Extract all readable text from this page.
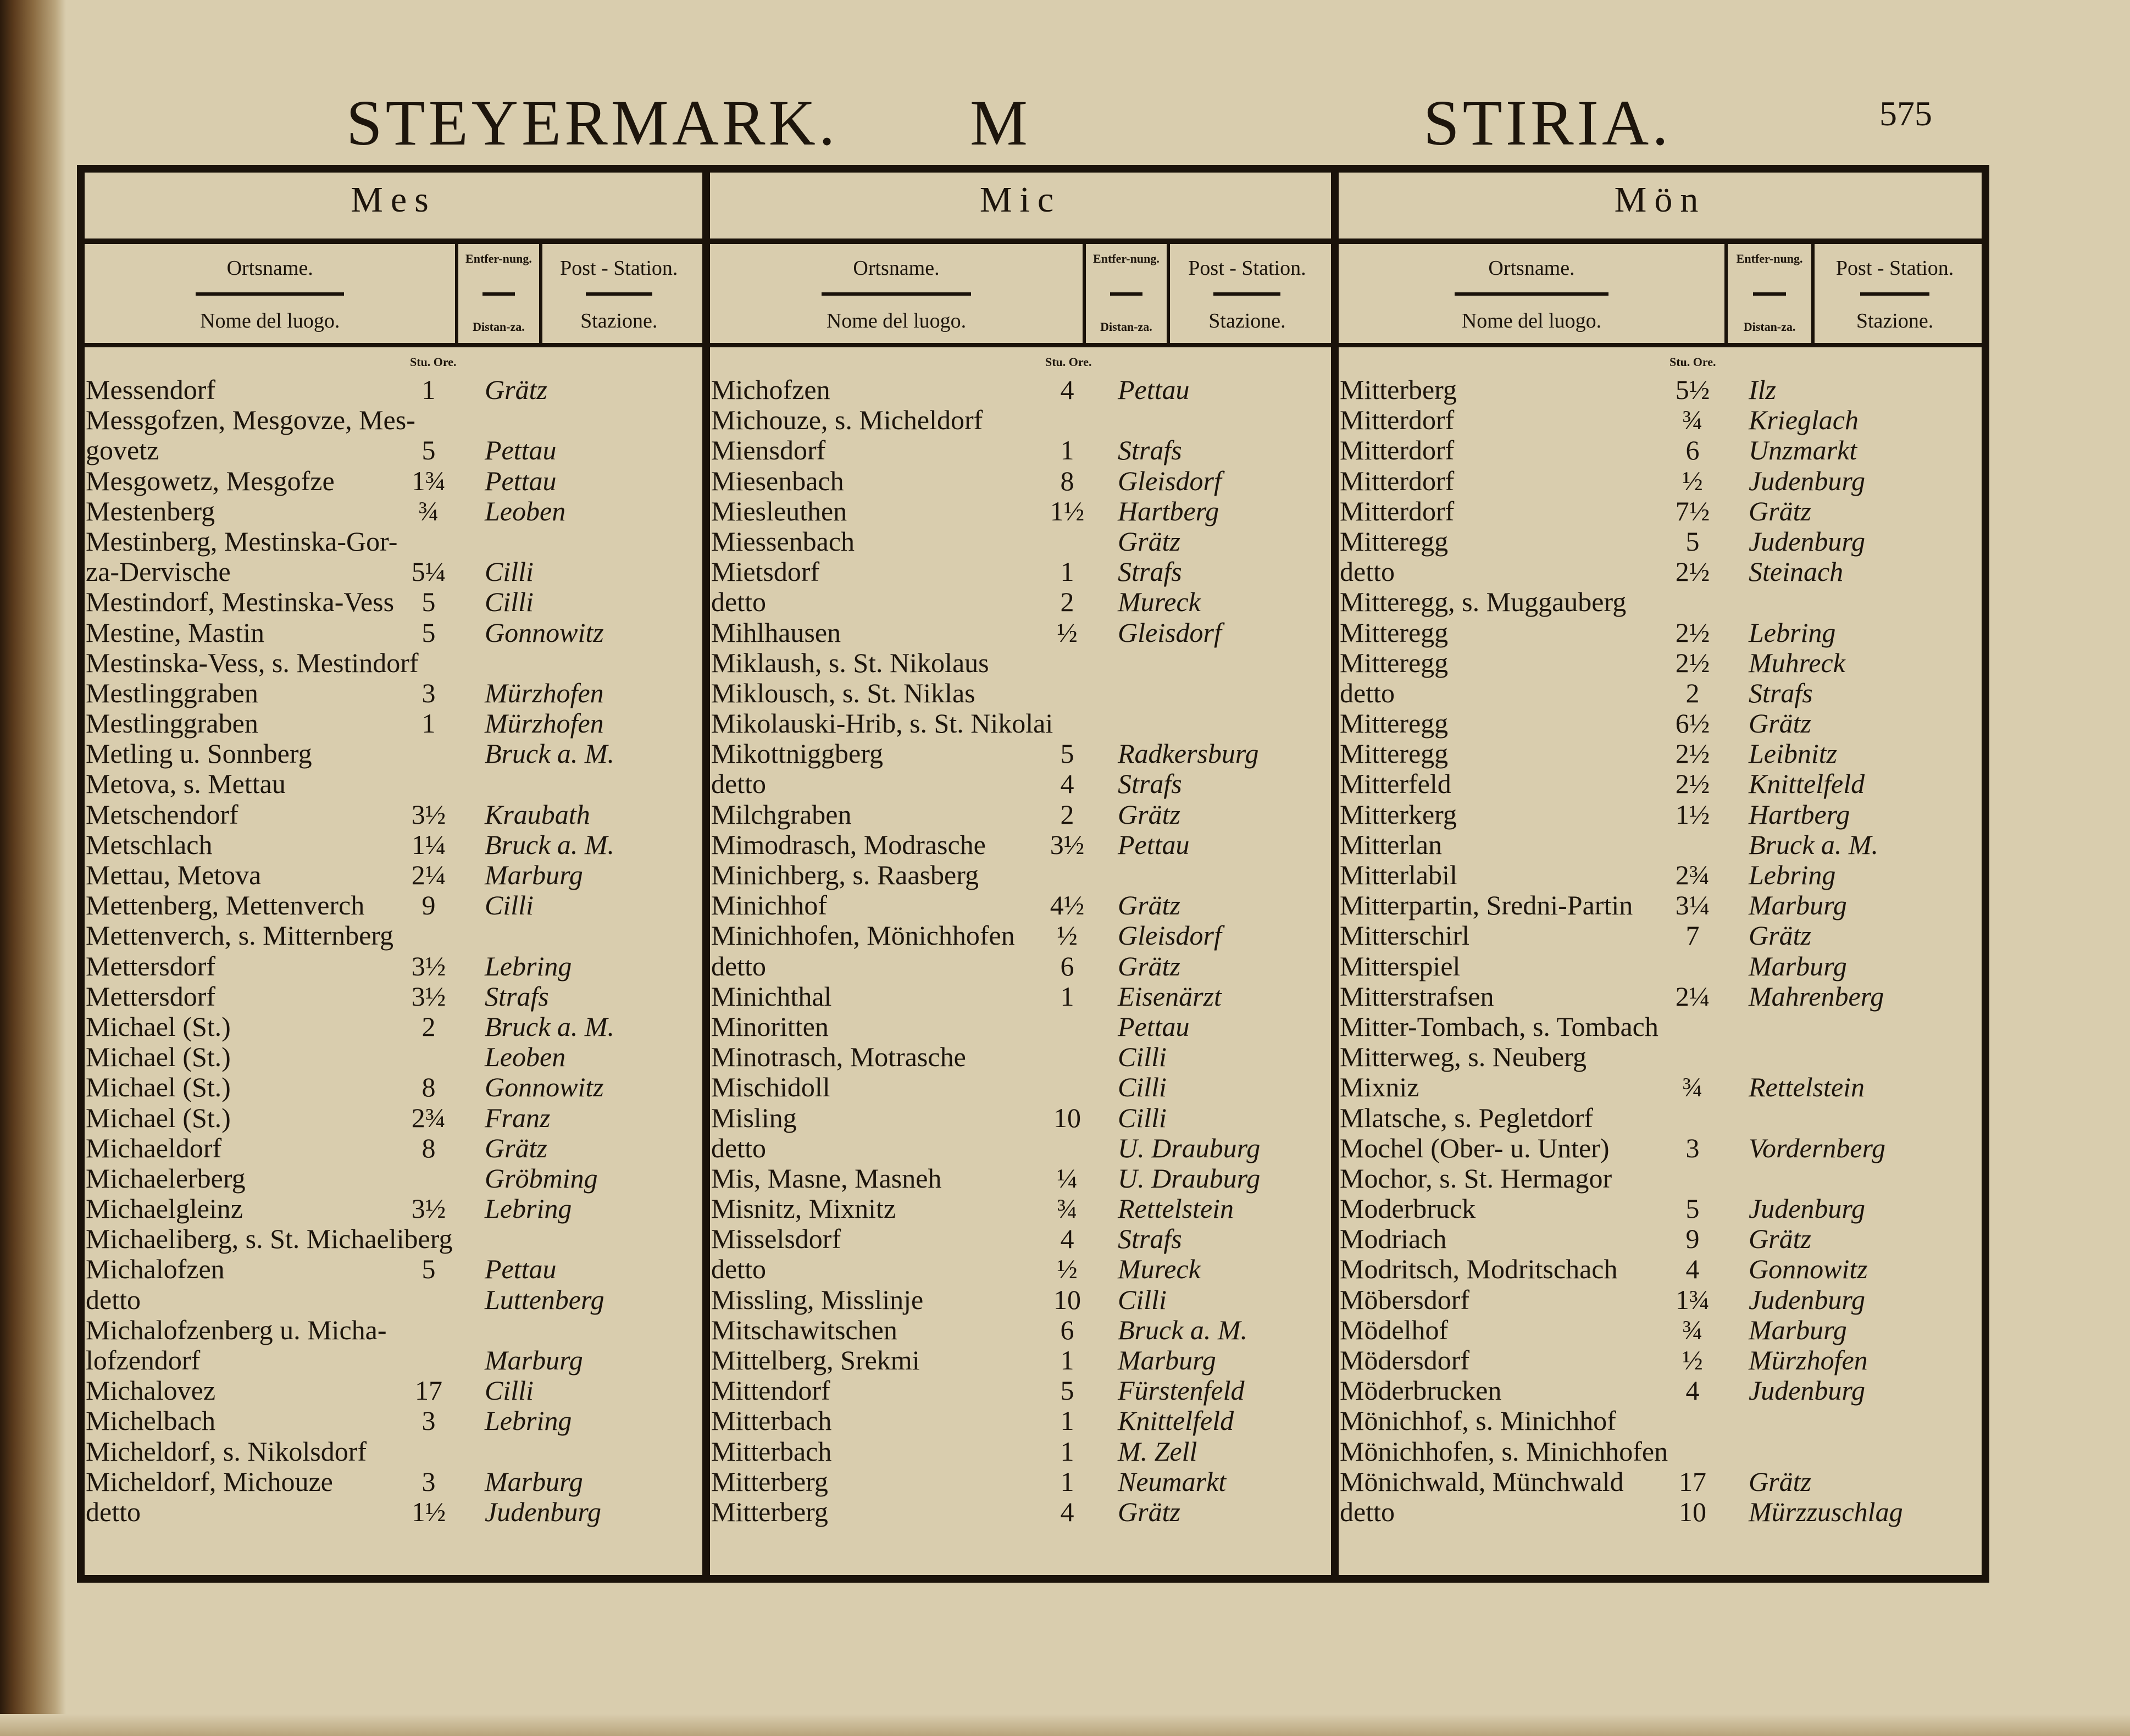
STEYERMARK. M	STIRIA.	575
Mes
Ortsname.
Nome del luogo.
Entfer-nung.
Distan-za.
Post - Station.
Stazione.
Stu. Ore.
Messendorf	1	Grätz
Messgofzen, Mesgovze, Mes-
govetz	5	Pettau
Mesgowetz, Mesgofze	1¾	Pettau
Mestenberg	¾	Leoben
Mestinberg, Mestinska-Gor-
za-Dervische	5¼	Cilli
Mestindorf, Mestinska-Vess	5	Cilli
Mestine, Mastin	5	Gonnowitz
Mestinska-Vess, s. Mestindorf
Mestlinggraben	3	Mürzhofen
Mestlinggraben	1	Mürzhofen
Metling u. Sonnberg	Bruck a. M.
Metova, s. Mettau
Metschendorf	3½	Kraubath
Metschlach	1¼	Bruck a. M.
Mettau, Metova	2¼	Marburg
Mettenberg, Mettenverch	9	Cilli
Mettenverch, s. Mitternberg
Mettersdorf	3½	Lebring
Mettersdorf	3½	Strafs
Michael (St.)	2	Bruck a. M.
Michael (St.)	Leoben
Michael (St.)	8	Gonnowitz
Michael (St.)	2¾	Franz
Michaeldorf	8	Grätz
Michaelerberg	Gröbming
Michaelgleinz	3½	Lebring
Michaeliberg, s. St. Michaeliberg
Michalofzen	5	Pettau
detto	Luttenberg
Michalofzenberg u. Micha-
lofzendorf	Marburg
Michalovez	17	Cilli
Michelbach	3	Lebring
Micheldorf, s. Nikolsdorf
Micheldorf, Michouze	3	Marburg
detto	1½	Judenburg
Mic
Ortsname.
Nome del luogo.
Entfer-nung.
Distan-za.
Post - Station.
Stazione.
Stu. Ore.
Michofzen	4	Pettau
Michouze, s. Micheldorf
Miensdorf	1	Strafs
Miesenbach	8	Gleisdorf
Miesleuthen	1½	Hartberg
Miessenbach	Grätz
Mietsdorf	1	Strafs
detto	2	Mureck
Mihlhausen	½	Gleisdorf
Miklaush, s. St. Nikolaus
Miklousch, s. St. Niklas
Mikolauski-Hrib, s. St. Nikolai
Mikottniggberg	5	Radkersburg
detto	4	Strafs
Milchgraben	2	Grätz
Mimodrasch, Modrasche	3½	Pettau
Minichberg, s. Raasberg
Minichhof	4½	Grätz
Minichhofen, Mönichhofen	½	Gleisdorf
detto	6	Grätz
Minichthal	1	Eisenärzt
Minoritten	Pettau
Minotrasch, Motrasche	Cilli
Mischidoll	Cilli
Misling	10	Cilli
detto	U. Drauburg
Mis, Masne, Masneh	¼	U. Drauburg
Misnitz, Mixnitz	¾	Rettelstein
Misselsdorf	4	Strafs
detto	½	Mureck
Missling, Misslinje	10	Cilli
Mitschawitschen	6	Bruck a. M.
Mittelberg, Srekmi	1	Marburg
Mittendorf	5	Fürstenfeld
Mitterbach	1	Knittelfeld
Mitterbach	1	M. Zell
Mitterberg	1	Neumarkt
Mitterberg	4	Grätz
Mön
Ortsname.
Nome del luogo.
Entfer-nung.
Distan-za.
Post - Station.
Stazione.
Stu. Ore.
Mitterberg	5½	Ilz
Mitterdorf	¾	Krieglach
Mitterdorf	6	Unzmarkt
Mitterdorf	½	Judenburg
Mitterdorf	7½	Grätz
Mitteregg	5	Judenburg
detto	2½	Steinach
Mitteregg, s. Muggauberg
Mitteregg	2½	Lebring
Mitteregg	2½	Muhreck
detto	2	Strafs
Mitteregg	6½	Grätz
Mitteregg	2½	Leibnitz
Mitterfeld	2½	Knittelfeld
Mitterkerg	1½	Hartberg
Mitterlan	Bruck a. M.
Mitterlabil	2¾	Lebring
Mitterpartin, Sredni-Partin	3¼	Marburg
Mitterschirl	7	Grätz
Mitterspiel	Marburg
Mitterstrafsen	2¼	Mahrenberg
Mitter-Tombach, s. Tombach
Mitterweg, s. Neuberg
Mixniz	¾	Rettelstein
Mlatsche, s. Pegletdorf
Mochel (Ober- u. Unter)	3	Vordernberg
Mochor, s. St. Hermagor
Moderbruck	5	Judenburg
Modriach	9	Grätz
Modritsch, Modritschach	4	Gonnowitz
Möbersdorf	1¾	Judenburg
Mödelhof	¾	Marburg
Mödersdorf	½	Mürzhofen
Möderbrucken	4	Judenburg
Mönichhof, s. Minichhof
Mönichhofen, s. Minichhofen
Mönichwald, Münchwald	17	Grätz
detto	10	Mürzzuschlag
